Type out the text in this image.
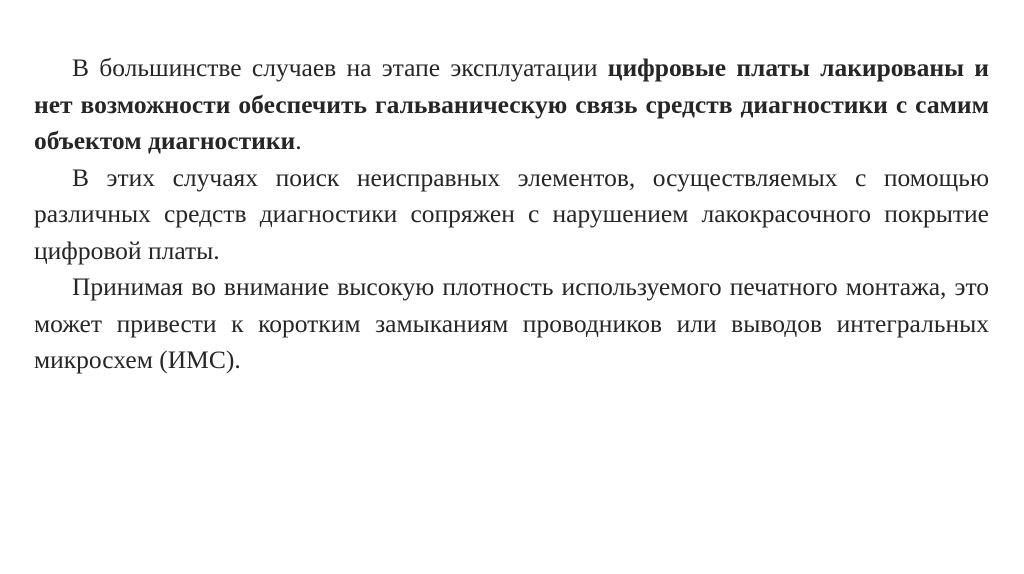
В большинстве случаев на этапе эксплуатации цифровые платы лакированы и нет возможности обеспечить гальваническую связь средств диагностики с самим объектом диагностики.

В этих случаях поиск неисправных элементов, осуществляемых с помощью различных средств диагностики сопряжен с нарушением лакокрасочного покрытие цифровой платы.

Принимая во внимание высокую плотность используемого печатного монтажа, это может привести к коротким замыканиям проводников или выводов интегральных микросхем (ИМС).
